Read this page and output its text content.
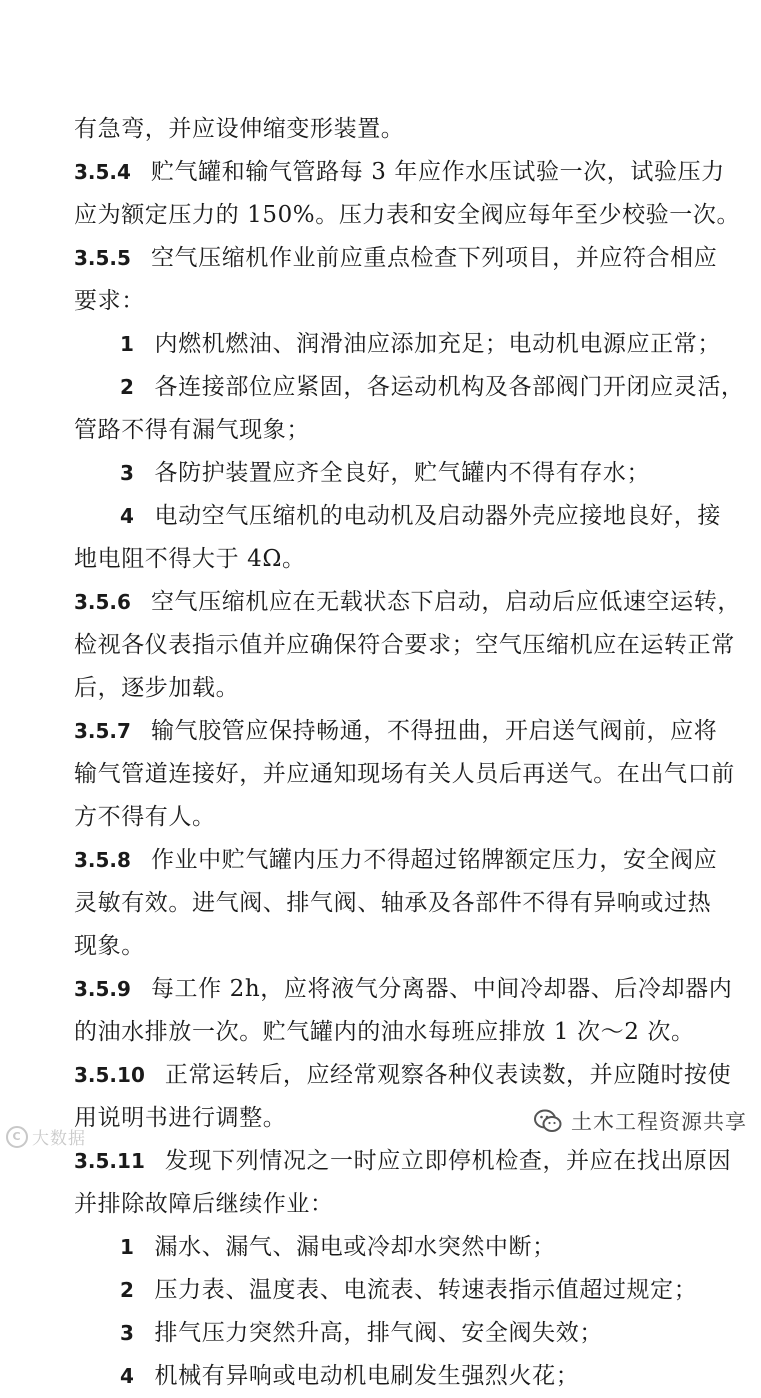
有急弯，并应设伸缩变形装置。
3.5.4 贮气罐和输气管路每 3 年应作水压试验一次，试验压力
应为额定压力的 150%。压力表和安全阀应每年至少校验一次。
3.5.5 空气压缩机作业前应重点检查下列项目，并应符合相应
要求：
1 内燃机燃油、润滑油应添加充足；电动机电源应正常；
2 各连接部位应紧固，各运动机构及各部阀门开闭应灵活，
管路不得有漏气现象；
3 各防护装置应齐全良好，贮气罐内不得有存水；
4 电动空气压缩机的电动机及启动器外壳应接地良好，接
地电阻不得大于 4Ω。
3.5.6 空气压缩机应在无载状态下启动，启动后应低速空运转，
检视各仪表指示值并应确保符合要求；空气压缩机应在运转正常
后，逐步加载。
3.5.7 输气胶管应保持畅通，不得扭曲，开启送气阀前，应将
输气管道连接好，并应通知现场有关人员后再送气。在出气口前
方不得有人。
3.5.8 作业中贮气罐内压力不得超过铭牌额定压力，安全阀应
灵敏有效。进气阀、排气阀、轴承及各部件不得有异响或过热
现象。
3.5.9 每工作 2h，应将液气分离器、中间冷却器、后冷却器内
的油水排放一次。贮气罐内的油水每班应排放 1 次～2 次。
3.5.10 正常运转后，应经常观察各种仪表读数，并应随时按使
用说明书进行调整。
3.5.11 发现下列情况之一时应立即停机检查，并应在找出原因
并排除故障后继续作业：
1 漏水、漏气、漏电或冷却水突然中断；
2 压力表、温度表、电流表、转速表指示值超过规定；
3 排气压力突然升高，排气阀、安全阀失效；
4 机械有异响或电动机电刷发生强烈火花；
C 大数据
土木工程资源共享
